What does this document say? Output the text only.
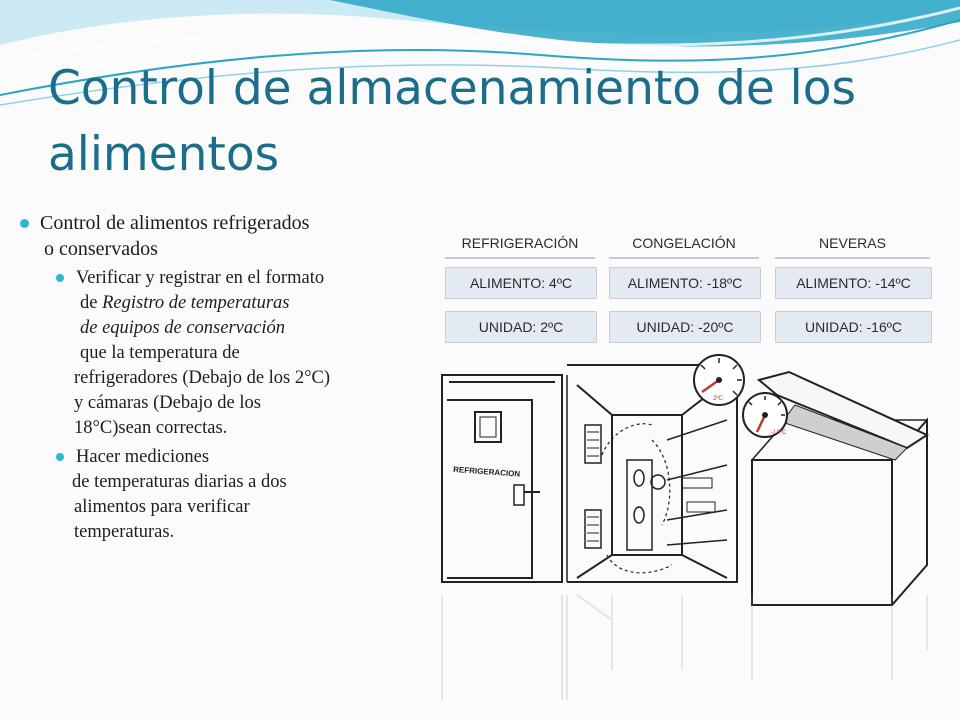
Control de almacenamiento de los alimentos
Control de alimentos refrigerados
o conservados
Verificar y registrar en el formato
de Registro de temperaturas
de equipos de conservación
que la temperatura de
refrigeradores (Debajo de los 2°C)
y cámaras (Debajo de los
18°C)sean correctas.
Hacer mediciones
de temperaturas diarias a dos
alimentos para verificar
temperaturas.
REFRIGERACIÓN
ALIMENTO: 4ºC
UNIDAD: 2ºC
CONGELACIÓN
ALIMENTO: -18ºC
UNIDAD: -20ºC
NEVERAS
ALIMENTO: -14ºC
UNIDAD: -16ºC
REFRIGERACION
2ºC
-18ºC
